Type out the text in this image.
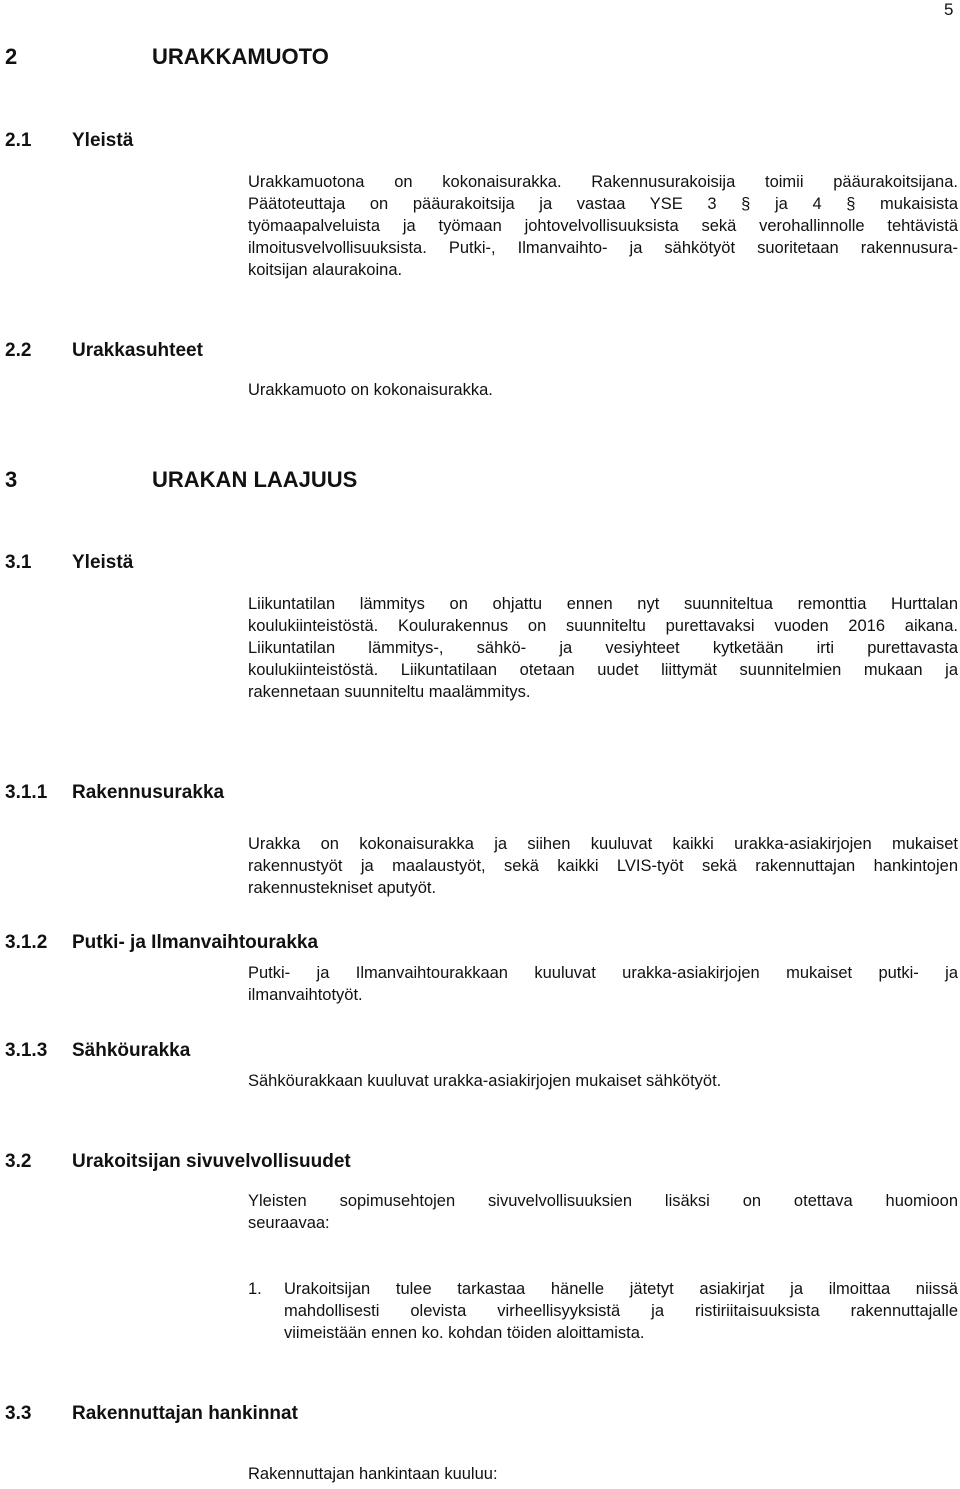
5
2	URAKKAMUOTO
2.1 Yleistä
Urakkamuotona on kokonaisurakka. Rakennusurakoisija toimii pääurakoitsijana.
Päätoteuttaja on pääurakoitsija ja vastaa YSE 3 § ja 4 § mukaisista
työmaapalveluista ja työmaan johtovelvollisuuksista sekä verohallinnolle tehtävistä
ilmoitusvelvollisuuksista. Putki-, Ilmanvaihto- ja sähkötyöt suoritetaan rakennusura-
koitsijan alaurakoina.
2.2 Urakkasuhteet
Urakkamuoto on kokonaisurakka.
3	URAKAN LAAJUUS
3.1 Yleistä
Liikuntatilan lämmitys on ohjattu ennen nyt suunniteltua remonttia Hurttalan
koulukiinteistöstä. Koulurakennus on suunniteltu purettavaksi vuoden 2016 aikana.
Liikuntatilan lämmitys-, sähkö- ja vesiyhteet kytketään irti purettavasta
koulukiinteistöstä. Liikuntatilaan otetaan uudet liittymät suunnitelmien mukaan ja
rakennetaan suunniteltu maalämmitys.
3.1.1 Rakennusurakka
Urakka on kokonaisurakka ja siihen kuuluvat kaikki urakka-asiakirjojen mukaiset
rakennustyöt ja maalaustyöt, sekä kaikki LVIS-työt sekä rakennuttajan hankintojen
rakennustekniset aputyöt.
3.1.2 Putki- ja Ilmanvaihtourakka
Putki- ja Ilmanvaihtourakkaan kuuluvat urakka-asiakirjojen mukaiset putki- ja
ilmanvaihtotyöt.
3.1.3 Sähköurakka
Sähköurakkaan kuuluvat urakka-asiakirjojen mukaiset sähkötyöt.
3.2 Urakoitsijan sivuvelvollisuudet
Yleisten sopimusehtojen sivuvelvollisuuksien lisäksi on otettava huomioon
seuraavaa:
1. Urakoitsijan tulee tarkastaa hänelle jätetyt asiakirjat ja ilmoittaa niissä
mahdollisesti olevista virheellisyyksistä ja ristiriitaisuuksista rakennuttajalle
viimeistään ennen ko. kohdan töiden aloittamista.
3.3 Rakennuttajan hankinnat
Rakennuttajan hankintaan kuuluu:
